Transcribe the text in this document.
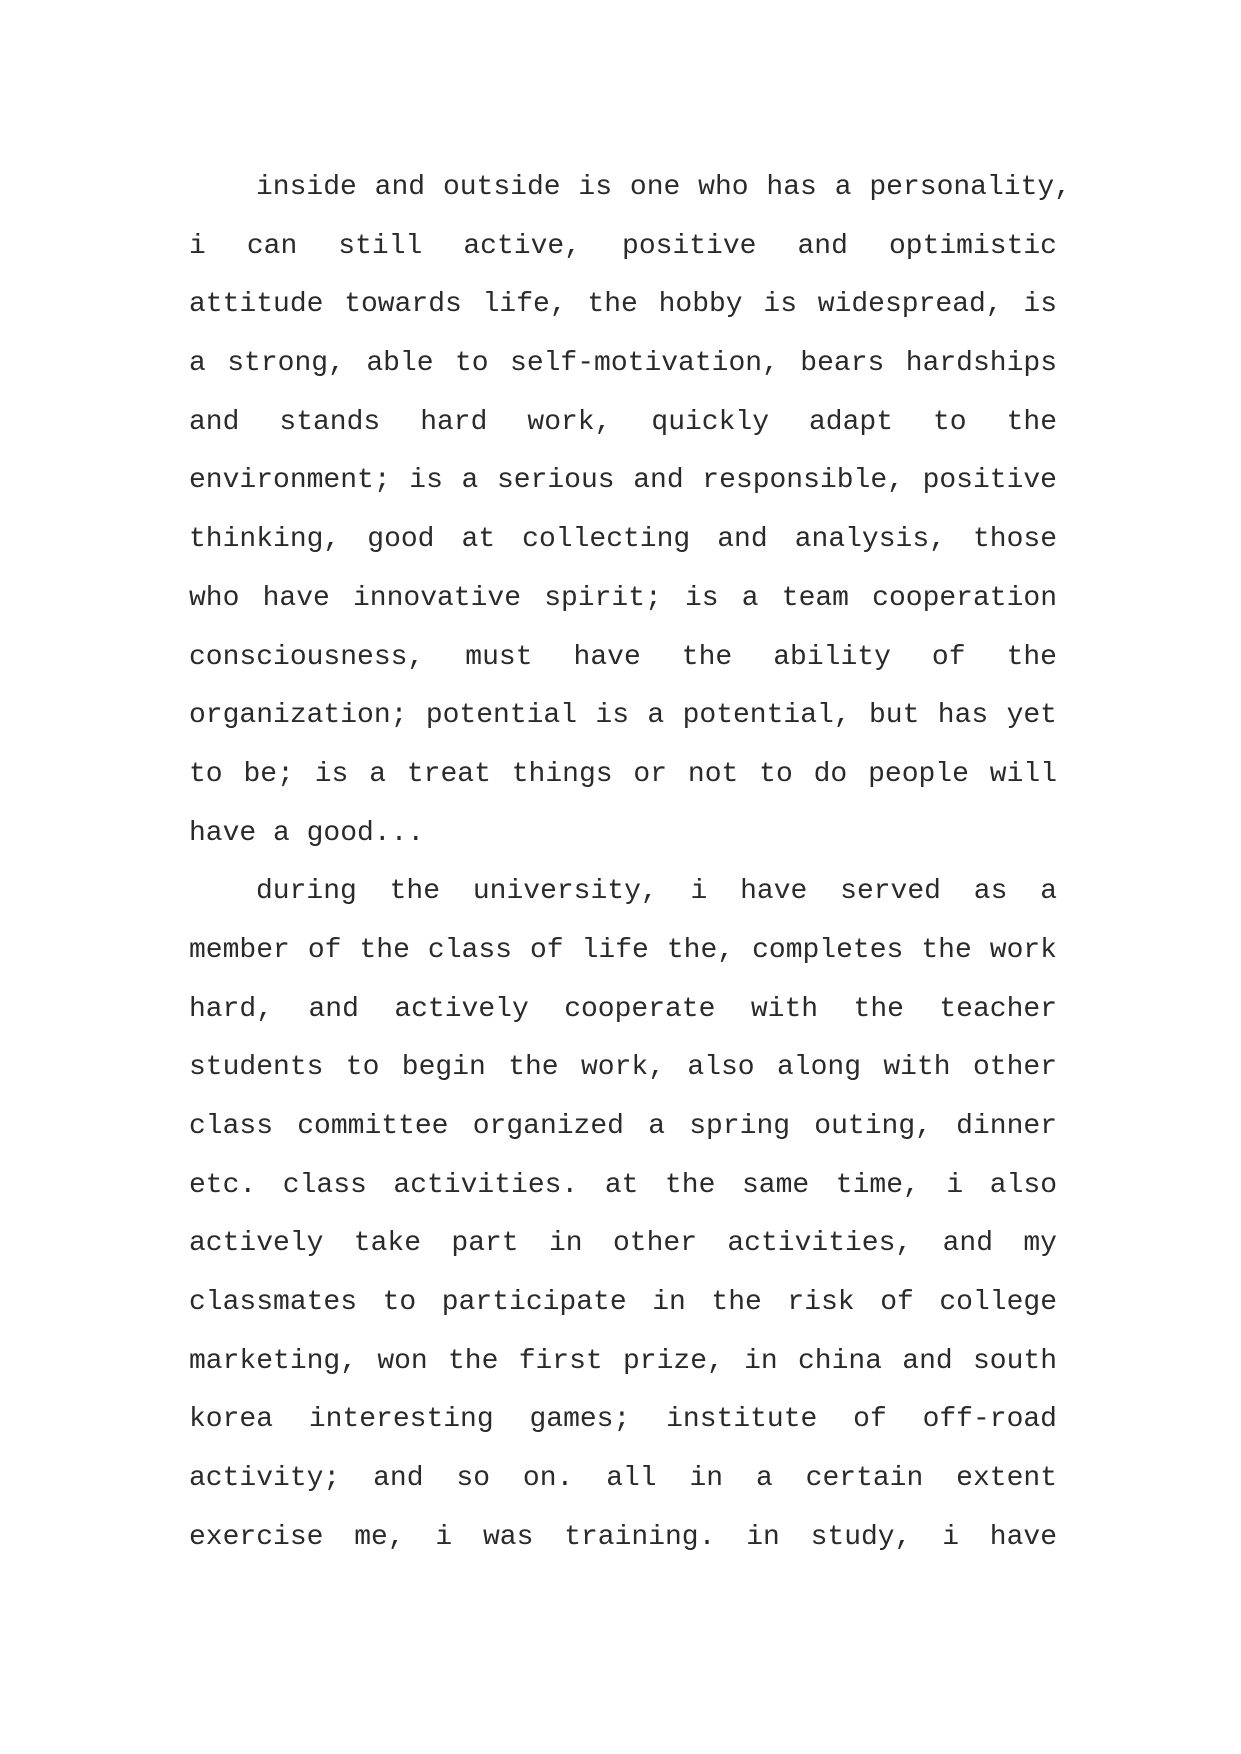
inside and outside is one who has a personality,
i can still active, positive and optimistic
attitude towards life, the hobby is widespread, is
a strong, able to self-motivation, bears hardships
and stands hard work, quickly adapt to the
environment; is a serious and responsible, positive
thinking, good at collecting and analysis, those
who have innovative spirit; is a team cooperation
consciousness, must have the ability of the
organization; potential is a potential, but has yet
to be; is a treat things or not to do people will
have a good...
during the university, i have served as a
member of the class of life the, completes the work
hard, and actively cooperate with the teacher
students to begin the work, also along with other
class committee organized a spring outing, dinner
etc. class activities. at the same time, i also
actively take part in other activities, and my
classmates to participate in the risk of college
marketing, won the first prize, in china and south
korea interesting games; institute of off-road
activity; and so on. all in a certain extent
exercise me, i was training. in study, i have
